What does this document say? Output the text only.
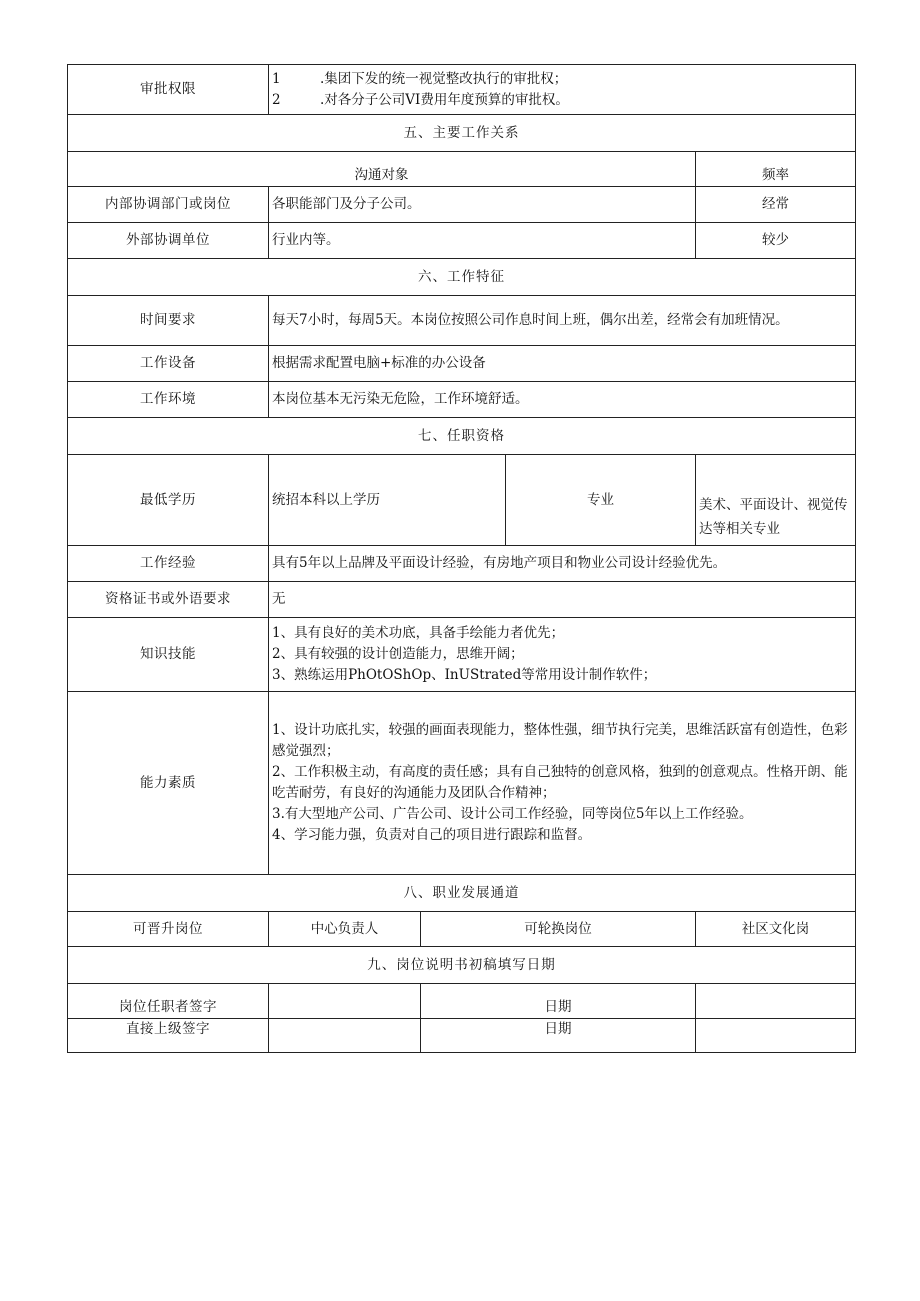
审批权限	1 .集团下发的统一视觉整改执行的审批权；
2 .对各分子公司VI费用年度预算的审批权。			

五、主要工作关系				
沟通对象				频率
内部协调部门或岗位	各职能部门及分子公司。			经常
外部协调单位	行业内等。			较少
六、工作特征				
时间要求	每天7小时，每周5天。本岗位按照公司作息时间上班，偶尔出差，经常会有加班情况。			
工作设备	根据需求配置电脑+标准的办公设备			
工作环境	本岗位基本无污染无危险，工作环境舒适。			
七、任职资格				
最低学历	统招本科以上学历		专业	美术、平面设计、视觉传达等相关专业
工作经验	具有5年以上品牌及平面设计经验，有房地产项目和物业公司设计经验优先。			
资格证书或外语要求	无			
知识技能	1、具有良好的美术功底，具备手绘能力者优先；
2、具有较强的设计创造能力，思维开阔；
3、熟练运用PhOtOShOp、InUStrated等常用设计制作软件；			

能力素质	1、设计功底扎实，较强的画面表现能力，整体性强，细节执行完美，思维活跃富有创造性，色彩感觉强烈；
2、工作积极主动，有高度的责任感；具有自己独特的创意风格，独到的创意观点。性格开朗、能吃苦耐劳，有良好的沟通能力及团队合作精神；
3.有大型地产公司、广告公司、设计公司工作经验，同等岗位5年以上工作经验。
4、学习能力强，负责对自己的项目进行跟踪和监督。			

八、职业发展通道				
可晋升岗位	中心负责人	可轮换岗位		社区文化岗
九、岗位说明书初稿填写日期				
岗位任职者签字		日期		
直接上级签字		日期		
